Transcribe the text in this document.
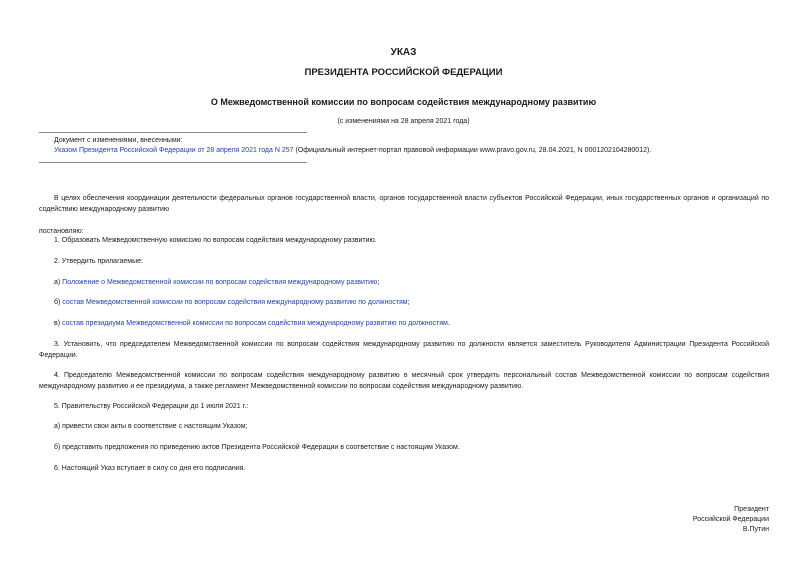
УКАЗ
ПРЕЗИДЕНТА РОССИЙСКОЙ ФЕДЕРАЦИИ
О Межведомственной комиссии по вопросам содействия международному развитию
(с изменениями на 28 апреля 2021 года)
Документ с изменениями, внесенными:
Указом Президента Российской Федерации от 28 апреля 2021 года N 257 (Официальный интернет-портал правовой информации www.pravo.gov.ru, 28.04.2021, N 0001202104280012).
В целях обеспечения координации деятельности федеральных органов государственной власти, органов государственной власти субъектов Российской Федерации, иных государственных органов и организаций по содействию международному развитию
постановляю:
1. Образовать Межведомственную комиссию по вопросам содействия международному развитию.
2. Утвердить прилагаемые:
а) Положение о Межведомственной комиссии по вопросам содействия международному развитию;
б) состав Межведомственной комиссии по вопросам содействия международному развитию по должностям;
в) состав президиума Межведомственной комиссии по вопросам содействия международному развитию по должностям.
3. Установить, что председателем Межведомственной комиссии по вопросам содействия международному развитию по должности является заместитель Руководителя Администрации Президента Российской Федерации.
4. Председателю Межведомственной комиссии по вопросам содействия международному развитию в месячный срок утвердить персональный состав Межведомственной комиссии по вопросам содействия международному развитию и ее президиума, а также регламент Межведомственной комиссии по вопросам содействия международному развитию.
5. Правительству Российской Федерации до 1 июля 2021 г.:
а) привести свои акты в соответствие с настоящим Указом;
б) представить предложения по приведению актов Президента Российской Федерации в соответствие с настоящим Указом.
6. Настоящий Указ вступает в силу со дня его подписания.
Президент
Российской Федерации
В.Путин
